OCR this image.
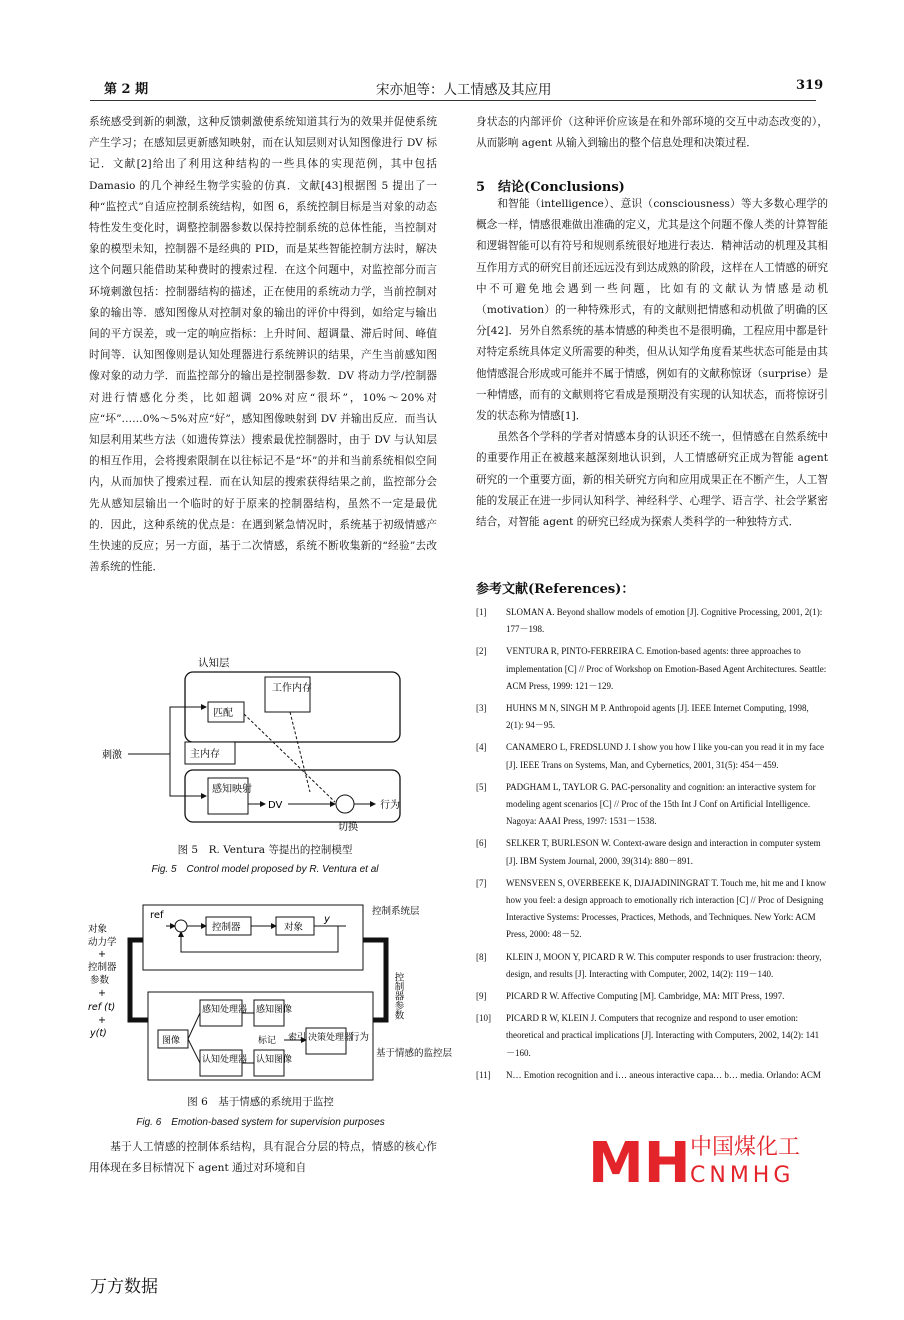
第 2 期	宋亦旭等：人工情感及其应用	319

系统感受到新的刺激，这种反馈刺激使系统知道其行为的效果并促使系统产生学习；在感知层更新感知映射，而在认知层则对认知图像进行 DV 标记．文献[2]给出了利用这种结构的一些具体的实现范例，其中包括 Damasio 的几个神经生物学实验的仿真．文献[43]根据图 5 提出了一种“监控式”自适应控制系统结构，如图 6，系统控制目标是当对象的动态特性发生变化时，调整控制器参数以保持控制系统的总体性能，当控制对象的模型未知，控制器不是经典的 PID，而是某些智能控制方法时，解决这个问题只能借助某种费时的搜索过程．在这个问题中，对监控部分而言环境刺激包括：控制器结构的描述，正在使用的系统动力学，当前控制对象的输出等．感知图像从对控制对象的输出的评价中得到，如给定与输出间的平方误差，或一定的响应指标：上升时间、超调量、滞后时间、峰值时间等．认知图像则是认知处理器进行系统辨识的结果，产生当前感知图像对象的动力学．而监控部分的输出是控制器参数．DV 将动力学/控制器对进行情感化分类，比如超调 20%对应“很坏”，10%～20%对应“坏”……0%～5%对应“好”，感知图像映射到 DV 并输出反应．而当认知层利用某些方法（如遗传算法）搜索最优控制器时，由于 DV 与认知层的相互作用，会将搜索限制在以往标记不是“坏”的并和当前系统相似空间内，从而加快了搜索过程．而在认知层的搜索获得结果之前，监控部分会先从感知层输出一个临时的好于原来的控制器结构，虽然不一定是最优的．因此，这种系统的优点是：在遇到紧急情况时，系统基于初级情感产生快速的反应；另一方面，基于二次情感，系统不断收集新的“经验”去改善系统的性能．

认知层
工作内存
匹配
主内存
感知映射
DV	行为
切换
刺激
图 5　R. Ventura 等提出的控制模型
Fig. 5　Control model proposed by R. Ventura et al
ref
控制器	对象
y
控制系统层
对象
动力学
+
控制器
参数
+
ref (t)
+
y(t)
控制器参数
感知处理器 感知图像
图像	标记 索引 决策处理器
行为
认知处理器 认知图像
基于情感的监控层
图 6　基于情感的系统用于监控
Fig. 6　Emotion-based system for supervision purposes

基于人工情感的控制体系结构，具有混合分层的特点，情感的核心作用体现在多目标情况下 agent 通过对环境和自

身状态的内部评价（这种评价应该是在和外部环境的交互中动态改变的），从而影响 agent 从输入到输出的整个信息处理和决策过程．

5　结论(Conclusions)

和智能（intelligence）、意识（consciousness）等大多数心理学的概念一样，情感很难做出准确的定义，尤其是这个问题不像人类的计算智能和逻辑智能可以有符号和规则系统很好地进行表达．精神活动的机理及其相互作用方式的研究目前还远远没有到达成熟的阶段，这样在人工情感的研究中不可避免地会遇到一些问题，比如有的文献认为情感是动机（motivation）的一种特殊形式，有的文献则把情感和动机做了明确的区分[42]．另外自然系统的基本情感的种类也不是很明确，工程应用中都是针对特定系统具体定义所需要的种类，但从认知学角度看某些状态可能是由其他情感混合形成或可能并不属于情感，例如有的文献称惊讶（surprise）是一种情感，而有的文献则将它看成是预期没有实现的认知状态，而将惊讶引发的状态称为情感[1]．

虽然各个学科的学者对情感本身的认识还不统一，但情感在自然系统中的重要作用正在被越来越深刻地认识到，人工情感研究正成为智能 agent 研究的一个重要方面，新的相关研究方向和应用成果正在不断产生，人工智能的发展正在进一步同认知科学、神经科学、心理学、语言学、社会学紧密结合，对智能 agent 的研究已经成为探索人类科学的一种独特方式．

参考文献(References)：
[1]	SLOMAN A. Beyond shallow models of emotion [J]. Cognitive Processing, 2001, 2(1): 177－198.
[2]	VENTURA R, PINTO-FERREIRA C. Emotion-based agents: three approaches to implementation [C] // Proc of Workshop on Emotion-Based Agent Architectures. Seattle: ACM Press, 1999: 121－129.
[3]	HUHNS M N, SINGH M P. Anthropoid agents [J]. IEEE Internet Computing, 1998, 2(1): 94－95.
[4]	CANAMERO L, FREDSLUND J. I show you how I like you-can you read it in my face [J]. IEEE Trans on Systems, Man, and Cybernetics, 2001, 31(5): 454－459.
[5]	PADGHAM L, TAYLOR G. PAC-personality and cognition: an interactive system for modeling agent scenarios [C] // Proc of the 15th Int J Conf on Artificial Intelligence. Nagoya: AAAI Press, 1997: 1531－1538.
[6]	SELKER T, BURLESON W. Context-aware design and interaction in computer system [J]. IBM System Journal, 2000, 39(314): 880－891.
[7]	WENSVEEN S, OVERBEEKE K, DJAJADININGRAT T. Touch me, hit me and I know how you feel: a design approach to emotionally rich interaction [C] // Proc of Designing Interactive Systems: Processes, Practices, Methods, and Techniques. New York: ACM Press, 2000: 48－52.
[8]	KLEIN J, MOON Y, PICARD R W. This computer responds to user frustracion: theory, design, and results [J]. Interacting with Computer, 2002, 14(2): 119－140.
[9]	PICARD R W. Affective Computing [M]. Cambridge, MA: MIT Press, 1997.
[10]	PICARD R W, KLEIN J. Computers that recognize and respond to user emotion: theoretical and practical implications [J]. Interacting with Computers, 2002, 14(2): 141－160.
[11]	N… Emotion recognition and i… aneous interactive capa… b… media. Orlando: ACM
MH 中国煤化工
CNMHG
万方数据
